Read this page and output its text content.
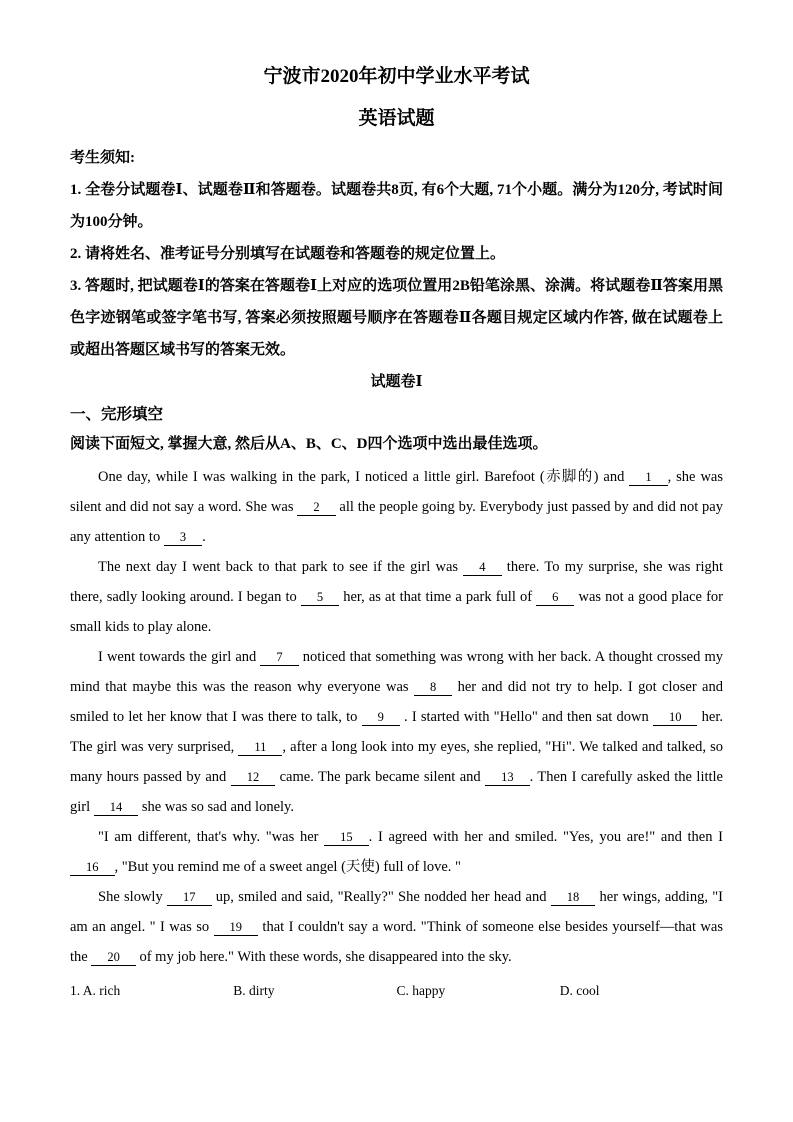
宁波市2020年初中学业水平考试
英语试题

考生须知:

1. 全卷分试题卷Ⅰ、试题卷Ⅱ和答题卷。试题卷共8页, 有6个大题, 71个小题。满分为120分, 考试时间为100分钟。

2. 请将姓名、准考证号分别填写在试题卷和答题卷的规定位置上。

3. 答题时, 把试题卷Ⅰ的答案在答题卷Ⅰ上对应的选项位置用2B铅笔涂黑、涂满。将试题卷Ⅱ答案用黑色字迹钢笔或签字笔书写, 答案必须按照题号顺序在答题卷Ⅱ各题目规定区域内作答, 做在试题卷上或超出答题区域书写的答案无效。

试题卷Ⅰ

一、完形填空

阅读下面短文, 掌握大意, 然后从A、B、C、D四个选项中选出最佳选项。

One day, while I was walking in the park, I noticed a little girl. Barefoot (赤脚的) and 1 , she was silent and did not say a word. She was 2 all the people going by. Everybody just passed by and did not pay any attention to 3 .

The next day I went back to that park to see if the girl was 4 there. To my surprise, she was right there, sadly looking around. I began to 5 her, as at that time a park full of 6 was not a good place for small kids to play alone.

I went towards the girl and 7 noticed that something was wrong with her back. A thought crossed my mind that maybe this was the reason why everyone was 8 her and did not try to help. I got closer and smiled to let her know that I was there to talk, to 9 . I started with "Hello" and then sat down 10 her. The girl was very surprised, 11 , after a long look into my eyes, she replied, "Hi". We talked and talked, so many hours passed by and 12 came. The park became silent and 13 . Then I carefully asked the little girl 14 she was so sad and lonely.

"I am different, that's why. "was her 15 . I agreed with her and smiled. "Yes, you are!" and then I 16 , "But you remind me of a sweet angel (天使) full of love. "

She slowly 17 up, smiled and said, "Really?" She nodded her head and 18 her wings, adding, "I am an angel. " I was so 19 that I couldn't say a word. "Think of someone else besides yourself—that was the 20 of my job here." With these words, she disappeared into the sky.

1. A. rich	B. dirty	C. happy	D. cool
